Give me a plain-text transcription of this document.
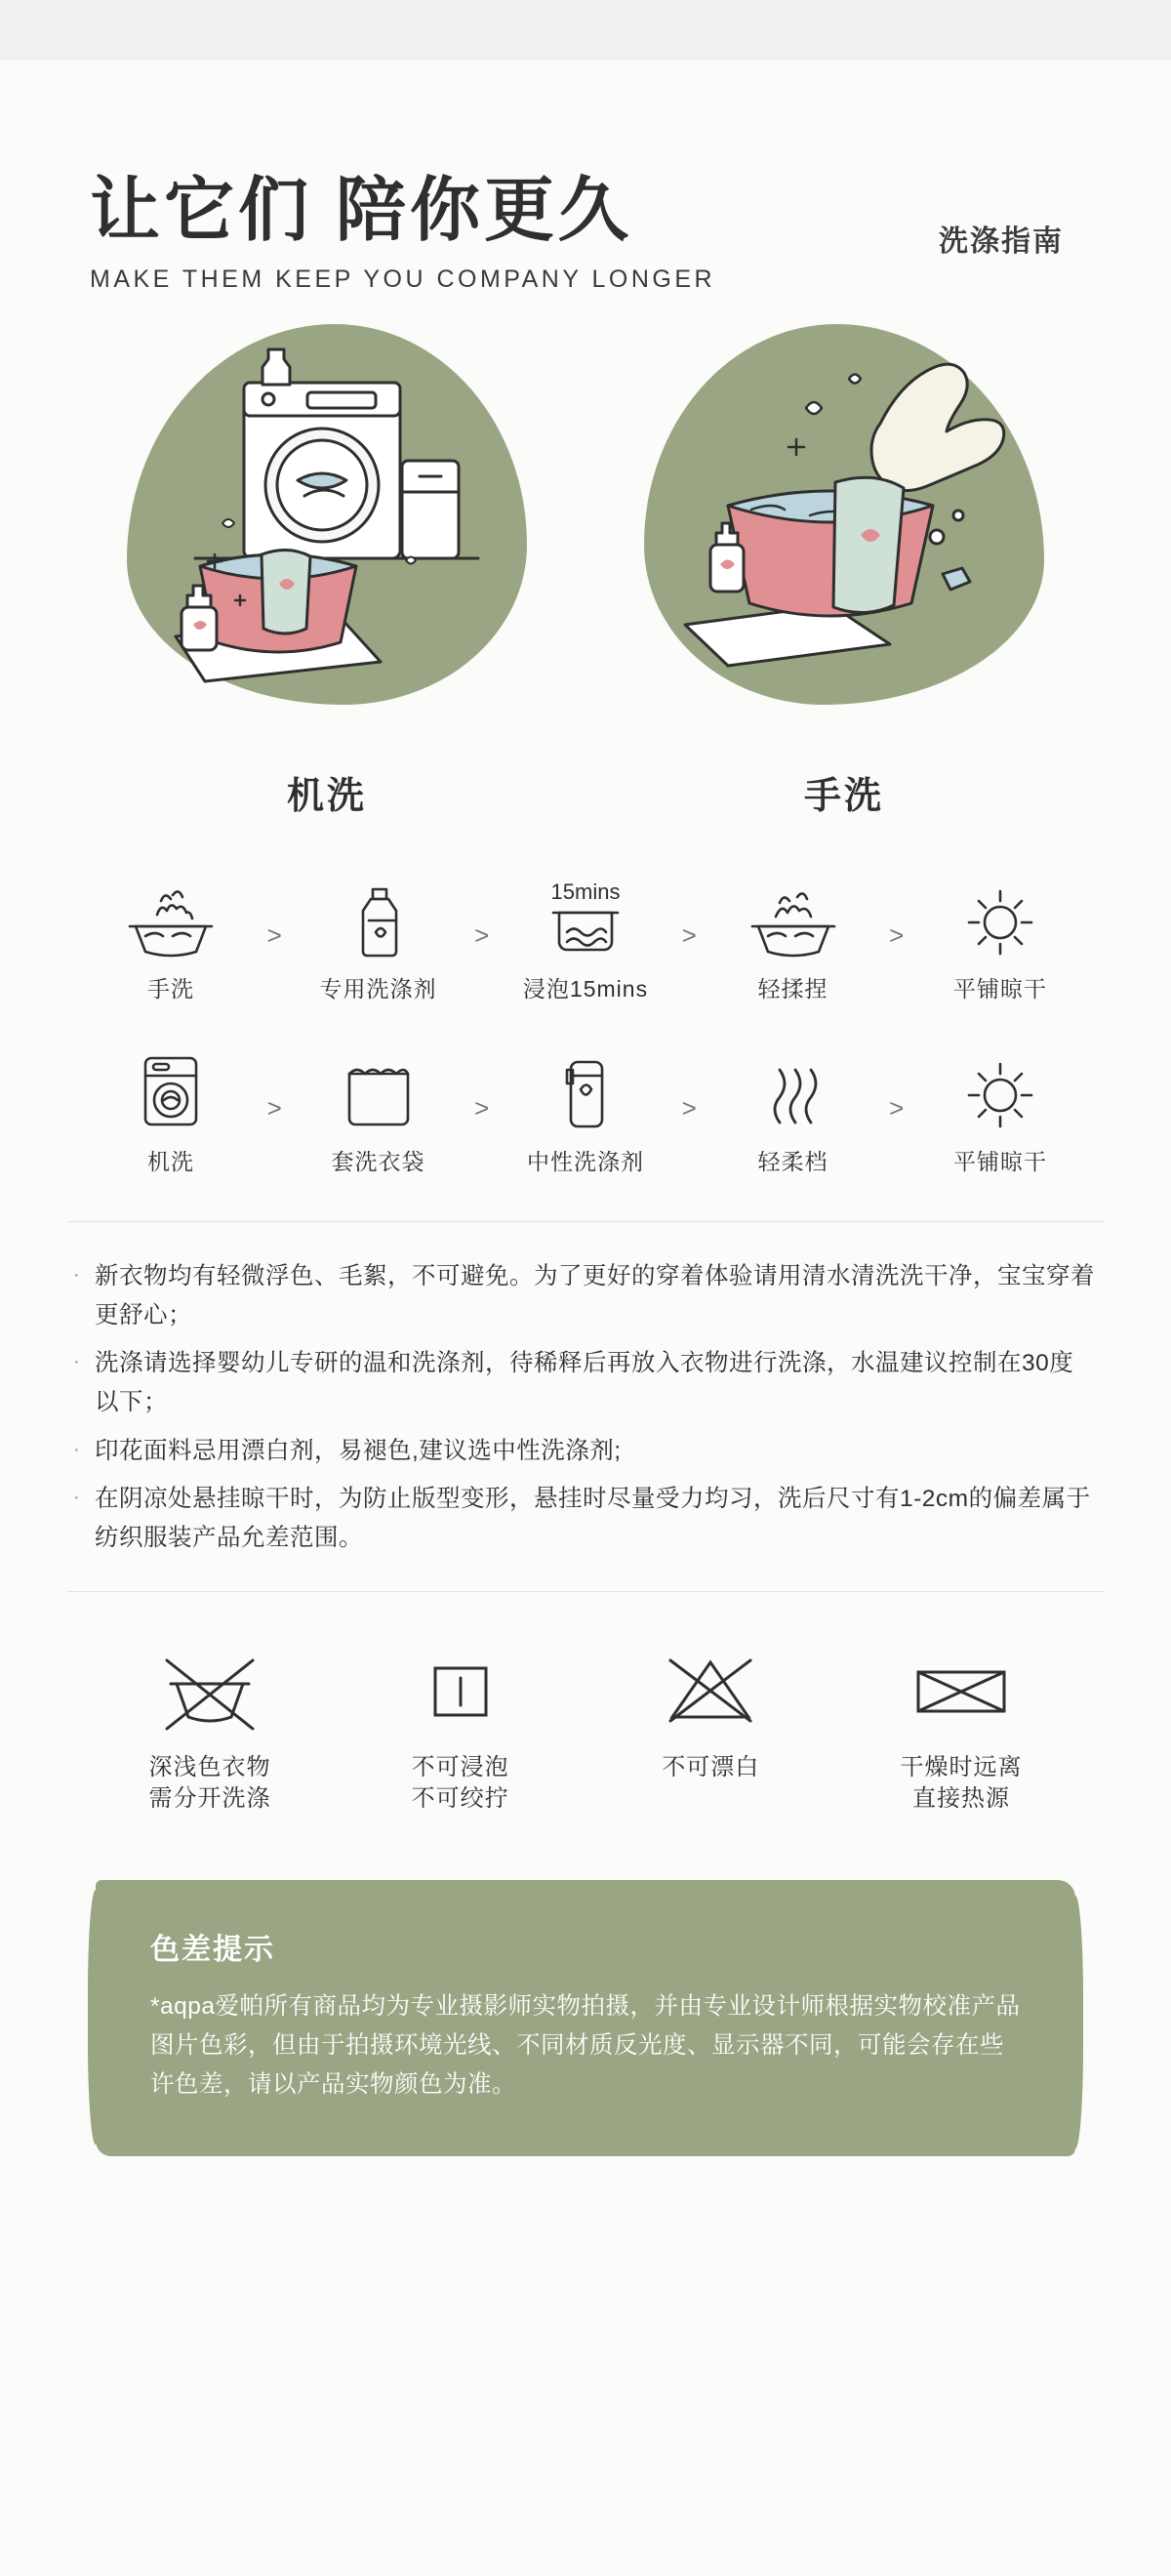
让它们 陪你更久
MAKE THEM KEEP YOU COMPANY LONGER
洗涤指南
机洗	手洗
手洗
>
专用洗涤剂
>
15mins
浸泡15mins
>
轻揉捏
>
平铺晾干
机洗
>
套洗衣袋
>
中性洗涤剂
>
轻柔档
>
平铺晾干
· 新衣物均有轻微浮色、毛絮，不可避免。为了更好的穿着体验请用清水清洗洗干净，宝宝穿着更舒心；
· 洗涤请选择婴幼儿专研的温和洗涤剂，待稀释后再放入衣物进行洗涤，水温建议控制在30度以下；
· 印花面料忌用漂白剂，易褪色,建议选中性洗涤剂;
· 在阴凉处悬挂晾干时，为防止版型变形，悬挂时尽量受力均习，洗后尺寸有1-2cm的偏差属于纺织服装产品允差范围。
深浅色衣物
需分开洗涤
不可浸泡
不可绞拧
不可漂白	干燥时远离
直接热源
色差提示

*aqpa爱帕所有商品均为专业摄影师实物拍摄，并由专业设计师根据实物校准产品图片色彩，但由于拍摄环境光线、不同材质反光度、显示器不同，可能会存在些许色差，请以产品实物颜色为准。
